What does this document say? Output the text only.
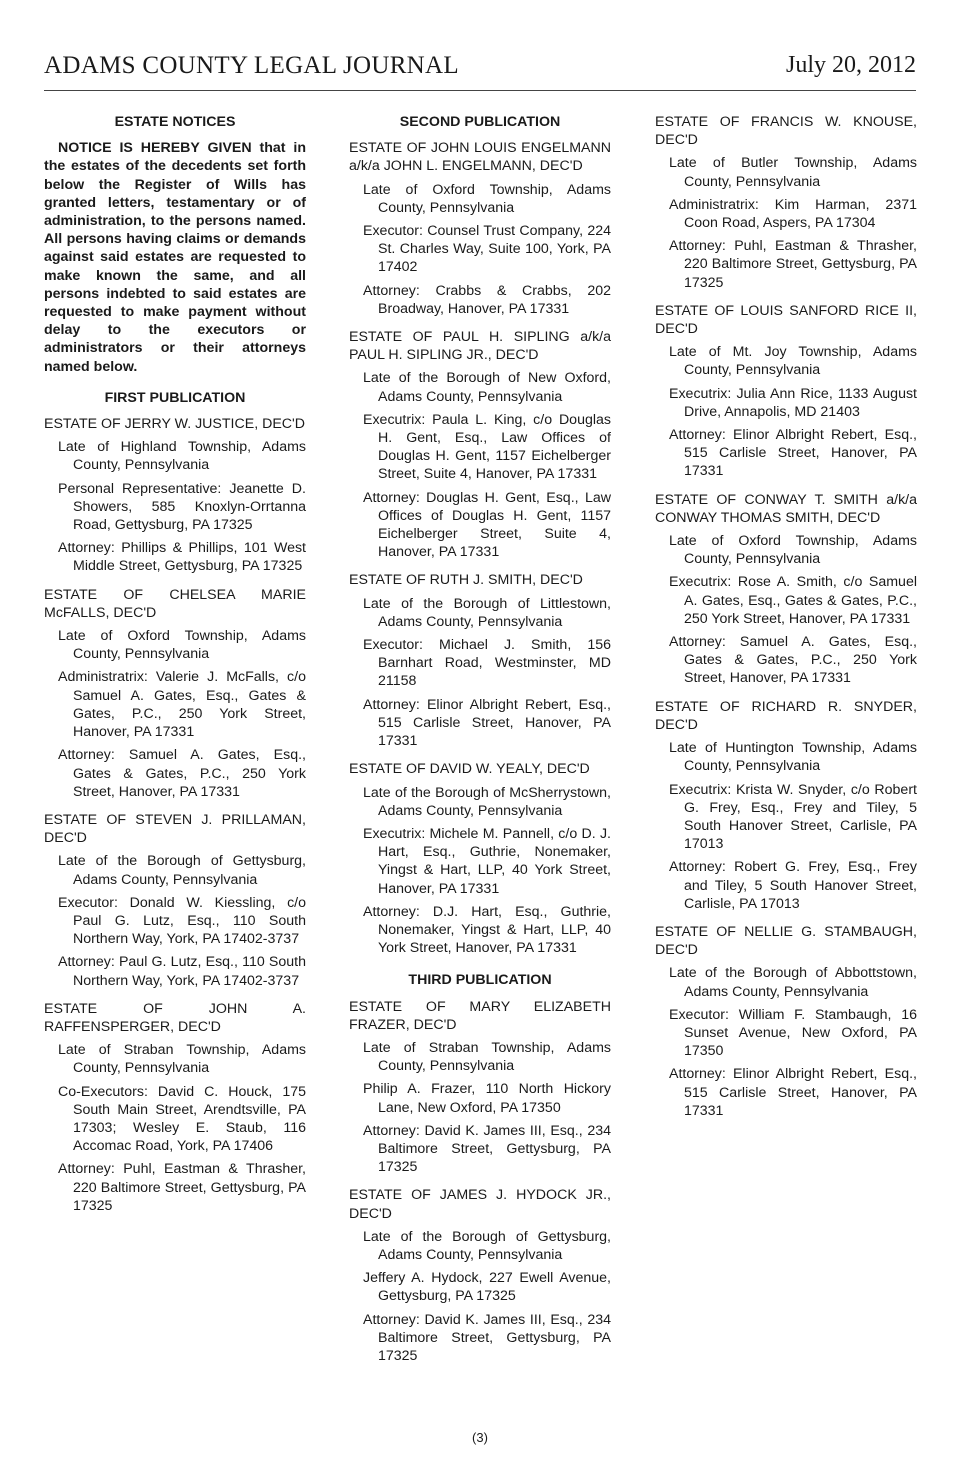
ADAMS COUNTY LEGAL JOURNAL	July 20, 2012
ESTATE NOTICES

NOTICE IS HEREBY GIVEN that in the estates of the decedents set forth below the Register of Wills has granted letters, testamentary or of administration, to the persons named. All persons having claims or demands against said estates are requested to make known the same, and all persons indebted to said estates are requested to make payment without delay to the executors or administrators or their attorneys named below.

FIRST PUBLICATION
ESTATE OF JERRY W. JUSTICE, DEC'D
Late of Highland Township, Adams County, Pennsylvania
Personal Representative: Jeanette D. Showers, 585 Knoxlyn-Orrtanna Road, Gettysburg, PA 17325
Attorney: Phillips & Phillips, 101 West Middle Street, Gettysburg, PA 17325
ESTATE OF CHELSEA MARIE McFALLS, DEC'D
Late of Oxford Township, Adams County, Pennsylvania
Administratrix: Valerie J. McFalls, c/o Samuel A. Gates, Esq., Gates & Gates, P.C., 250 York Street, Hanover, PA 17331
Attorney: Samuel A. Gates, Esq., Gates & Gates, P.C., 250 York Street, Hanover, PA 17331
ESTATE OF STEVEN J. PRILLAMAN, DEC'D
Late of the Borough of Gettysburg, Adams County, Pennsylvania
Executor: Donald W. Kiessling, c/o Paul G. Lutz, Esq., 110 South Northern Way, York, PA 17402-3737
Attorney: Paul G. Lutz, Esq., 110 South Northern Way, York, PA 17402-3737
ESTATE OF JOHN A. RAFFENSPERGER, DEC'D
Late of Straban Township, Adams County, Pennsylvania
Co-Executors: David C. Houck, 175 South Main Street, Arendtsville, PA 17303; Wesley E. Staub, 116 Accomac Road, York, PA 17406
Attorney: Puhl, Eastman & Thrasher, 220 Baltimore Street, Gettysburg, PA 17325
SECOND PUBLICATION
ESTATE OF JOHN LOUIS ENGELMANN a/k/a JOHN L. ENGELMANN, DEC'D
Late of Oxford Township, Adams County, Pennsylvania
Executor: Counsel Trust Company, 224 St. Charles Way, Suite 100, York, PA 17402
Attorney: Crabbs & Crabbs, 202 Broadway, Hanover, PA 17331
ESTATE OF PAUL H. SIPLING a/k/a PAUL H. SIPLING JR., DEC'D
Late of the Borough of New Oxford, Adams County, Pennsylvania
Executrix: Paula L. King, c/o Douglas H. Gent, Esq., Law Offices of Douglas H. Gent, 1157 Eichelberger Street, Suite 4, Hanover, PA 17331
Attorney: Douglas H. Gent, Esq., Law Offices of Douglas H. Gent, 1157 Eichelberger Street, Suite 4, Hanover, PA 17331
ESTATE OF RUTH J. SMITH, DEC'D
Late of the Borough of Littlestown, Adams County, Pennsylvania
Executor: Michael J. Smith, 156 Barnhart Road, Westminster, MD 21158
Attorney: Elinor Albright Rebert, Esq., 515 Carlisle Street, Hanover, PA 17331
ESTATE OF DAVID W. YEALY, DEC'D
Late of the Borough of McSherrystown, Adams County, Pennsylvania
Executrix: Michele M. Pannell, c/o D. J. Hart, Esq., Guthrie, Nonemaker, Yingst & Hart, LLP, 40 York Street, Hanover, PA 17331
Attorney: D.J. Hart, Esq., Guthrie, Nonemaker, Yingst & Hart, LLP, 40 York Street, Hanover, PA 17331
THIRD PUBLICATION
ESTATE OF MARY ELIZABETH FRAZER, DEC'D
Late of Straban Township, Adams County, Pennsylvania
Philip A. Frazer, 110 North Hickory Lane, New Oxford, PA 17350
Attorney: David K. James III, Esq., 234 Baltimore Street, Gettysburg, PA 17325
ESTATE OF JAMES J. HYDOCK JR., DEC'D
Late of the Borough of Gettysburg, Adams County, Pennsylvania
Jeffery A. Hydock, 227 Ewell Avenue, Gettysburg, PA 17325
Attorney: David K. James III, Esq., 234 Baltimore Street, Gettysburg, PA 17325
ESTATE OF FRANCIS W. KNOUSE, DEC'D
Late of Butler Township, Adams County, Pennsylvania
Administratrix: Kim Harman, 2371 Coon Road, Aspers, PA 17304
Attorney: Puhl, Eastman & Thrasher, 220 Baltimore Street, Gettysburg, PA 17325
ESTATE OF LOUIS SANFORD RICE II, DEC'D
Late of Mt. Joy Township, Adams County, Pennsylvania
Executrix: Julia Ann Rice, 1133 August Drive, Annapolis, MD 21403
Attorney: Elinor Albright Rebert, Esq., 515 Carlisle Street, Hanover, PA 17331
ESTATE OF CONWAY T. SMITH a/k/a CONWAY THOMAS SMITH, DEC'D
Late of Oxford Township, Adams County, Pennsylvania
Executrix: Rose A. Smith, c/o Samuel A. Gates, Esq., Gates & Gates, P.C., 250 York Street, Hanover, PA 17331
Attorney: Samuel A. Gates, Esq., Gates & Gates, P.C., 250 York Street, Hanover, PA 17331
ESTATE OF RICHARD R. SNYDER, DEC'D
Late of Huntington Township, Adams County, Pennsylvania
Executrix: Krista W. Snyder, c/o Robert G. Frey, Esq., Frey and Tiley, 5 South Hanover Street, Carlisle, PA 17013
Attorney: Robert G. Frey, Esq., Frey and Tiley, 5 South Hanover Street, Carlisle, PA 17013
ESTATE OF NELLIE G. STAMBAUGH, DEC'D
Late of the Borough of Abbottstown, Adams County, Pennsylvania
Executor: William F. Stambaugh, 16 Sunset Avenue, New Oxford, PA 17350
Attorney: Elinor Albright Rebert, Esq., 515 Carlisle Street, Hanover, PA 17331
(3)
